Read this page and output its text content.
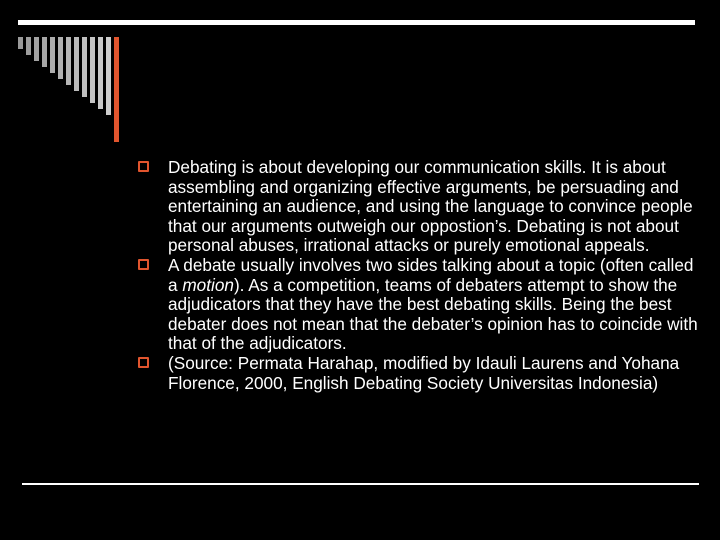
Debating is about developing our communication skills. It is about assembling and organizing effective arguments, be persuading and entertaining an audience, and using the language to convince people that our arguments outweigh our oppostion’s. Debating is not about personal abuses, irrational attacks or purely emotional appeals.

A debate usually involves two sides talking about a topic (often called a motion). As a competition, teams of debaters attempt to show the adjudicators that they have the best debating skills. Being the best debater does not mean that the debater’s opinion has to coincide with that of the adjudicators.

(Source: Permata Harahap, modified by Idauli Laurens and Yohana Florence, 2000, English Debating Society Universitas Indonesia)
